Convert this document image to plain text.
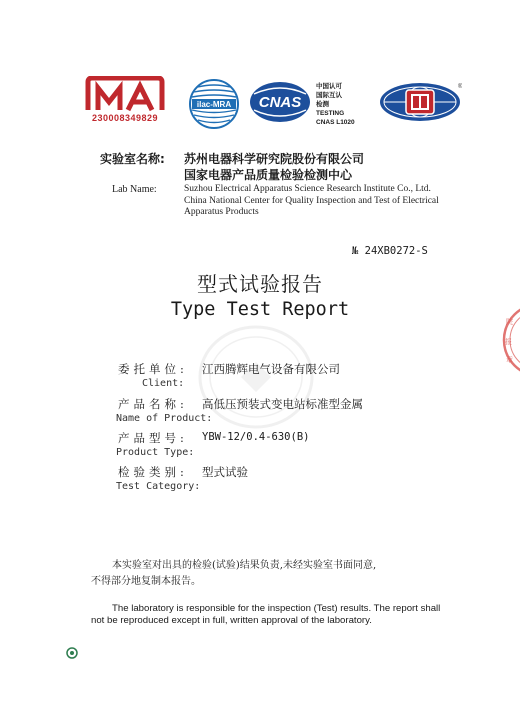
230008349829
ilac-MRA CNAS
中国认可
国际互认
检测
TESTING
CNAS L1020
®
实验室名称: 苏州电器科学研究院股份有限公司
国家电器产品质量检验检测中心
Lab Name:	Suzhou Electrical Apparatus Science Research Institute Co., Ltd.
China National Center for Quality Inspection and Test of Electrical
Apparatus Products
№ 24XB0272-S
型式试验报告
Type Test Report
院
报
章
委托单位: 江西腾辉电气设备有限公司
Client:
产品名称: 高低压预装式变电站标准型金属
Name of Product:
产品型号: YBW-12/0.4-630(B)
Product Type:
检验类别: 型式试验
Test Category:
本实验室对出具的检验(试验)结果负责,未经实验室书面同意,
不得部分地复制本报告。
The laboratory is responsible for the inspection (Test) results. The report shall
not be reproduced except in full, written approval of the laboratory.
